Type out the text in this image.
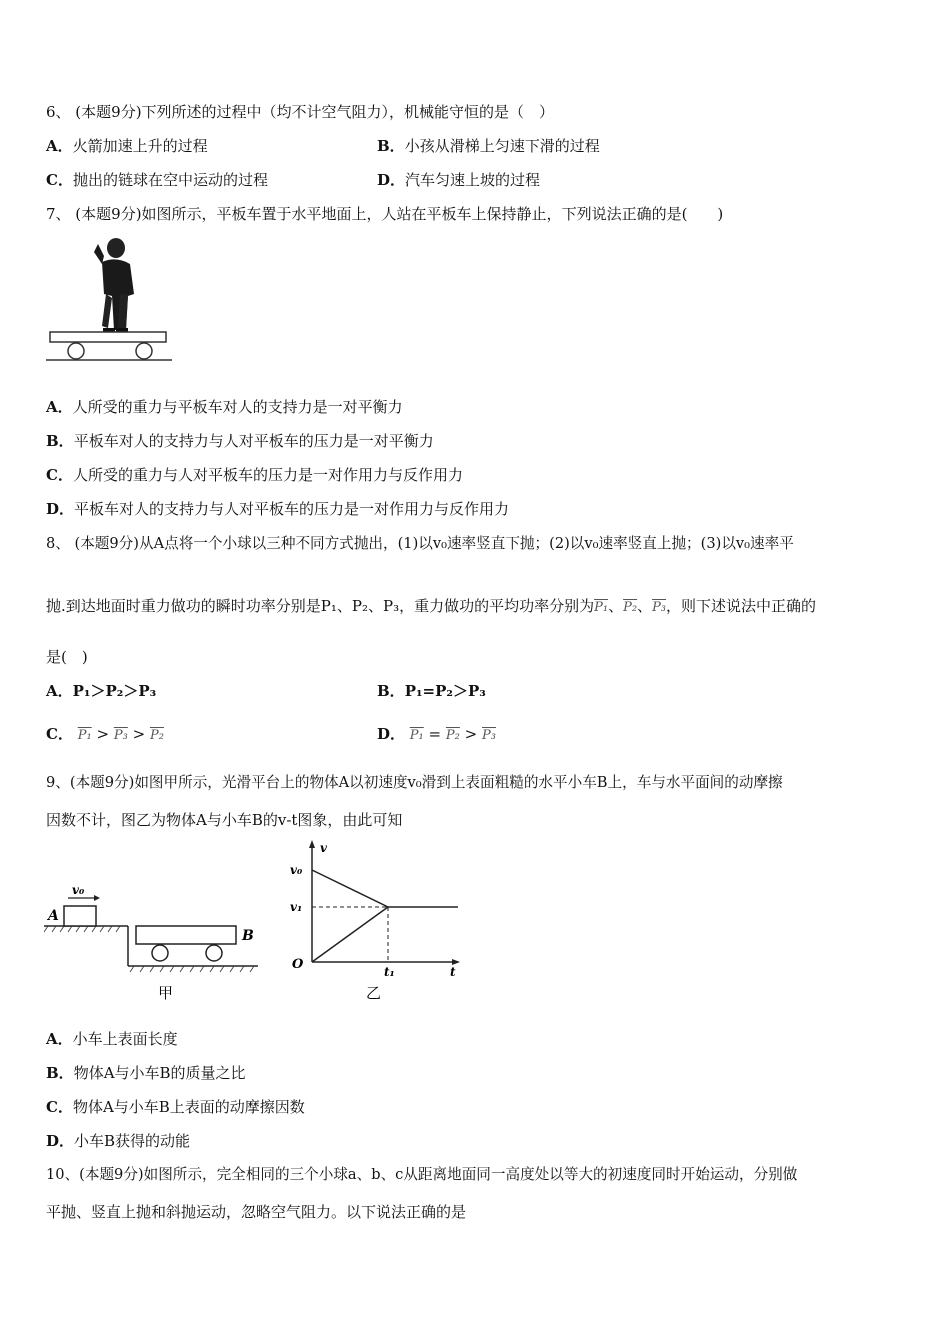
6、 (本题9分)下列所述的过程中（均不计空气阻力），机械能守恒的是（　）
A．火箭加速上升的过程	B．小孩从滑梯上匀速下滑的过程
C．抛出的链球在空中运动的过程	D．汽车匀速上坡的过程
7、 (本题9分)如图所示，平板车置于水平地面上，人站在平板车上保持静止，下列说法正确的是(　　)
A．人所受的重力与平板车对人的支持力是一对平衡力
B．平板车对人的支持力与人对平板车的压力是一对平衡力
C．人所受的重力与人对平板车的压力是一对作用力与反作用力
D．平板车对人的支持力与人对平板车的压力是一对作用力与反作用力
8、 (本题9分)从A点将一个小球以三种不同方式抛出，(1)以v₀速率竖直下抛；(2)以v₀速率竖直上抛；(3)以v₀速率平
抛.到达地面时重力做功的瞬时功率分别是P₁、P₂、P₃，重力做功的平均功率分别为P₁、P₂、P₃，则下述说法中正确的
是(　)
A．P₁＞P₂＞P₃	B．P₁=P₂＞P₃
C． P₁ > P₃ > P₂	D． P₁ = P₂ > P₃
9、(本题9分)如图甲所示，光滑平台上的物体A以初速度v₀滑到上表面粗糙的水平小车B上，车与水平面间的动摩擦
因数不计，图乙为物体A与小车B的v-t图象，由此可知
A
v₀
B
甲
v
t
v₀
v₁
O	t₁
乙
A．小车上表面长度
B．物体A与小车B的质量之比
C．物体A与小车B上表面的动摩擦因数
D．小车B获得的动能
10、(本题9分)如图所示，完全相同的三个小球a、b、c从距离地面同一高度处以等大的初速度同时开始运动，分别做
平抛、竖直上抛和斜抛运动，忽略空气阻力。以下说法正确的是
